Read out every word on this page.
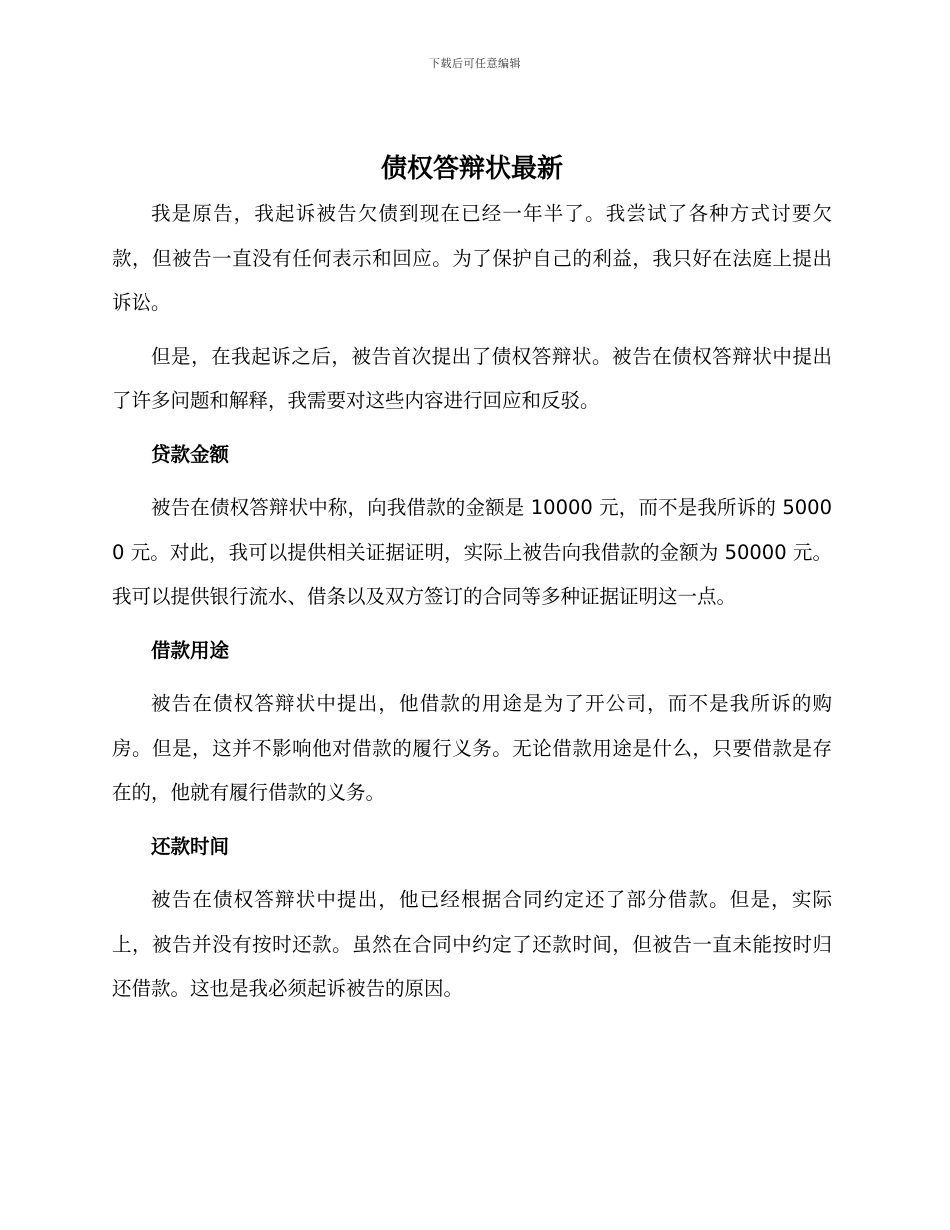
下载后可任意编辑
债权答辩状最新

我是原告，我起诉被告欠债到现在已经一年半了。我尝试了各种方式讨要欠款，但被告一直没有任何表示和回应。为了保护自己的利益，我只好在法庭上提出诉讼。

但是，在我起诉之后，被告首次提出了债权答辩状。被告在债权答辩状中提出了许多问题和解释，我需要对这些内容进行回应和反驳。

贷款金额

被告在债权答辩状中称，向我借款的金额是 10000 元，而不是我所诉的 50000 元。对此，我可以提供相关证据证明，实际上被告向我借款的金额为 50000 元。我可以提供银行流水、借条以及双方签订的合同等多种证据证明这一点。

借款用途

被告在债权答辩状中提出，他借款的用途是为了开公司，而不是我所诉的购房。但是，这并不影响他对借款的履行义务。无论借款用途是什么，只要借款是存在的，他就有履行借款的义务。

还款时间

被告在债权答辩状中提出，他已经根据合同约定还了部分借款。但是，实际上，被告并没有按时还款。虽然在合同中约定了还款时间，但被告一直未能按时归还借款。这也是我必须起诉被告的原因。
